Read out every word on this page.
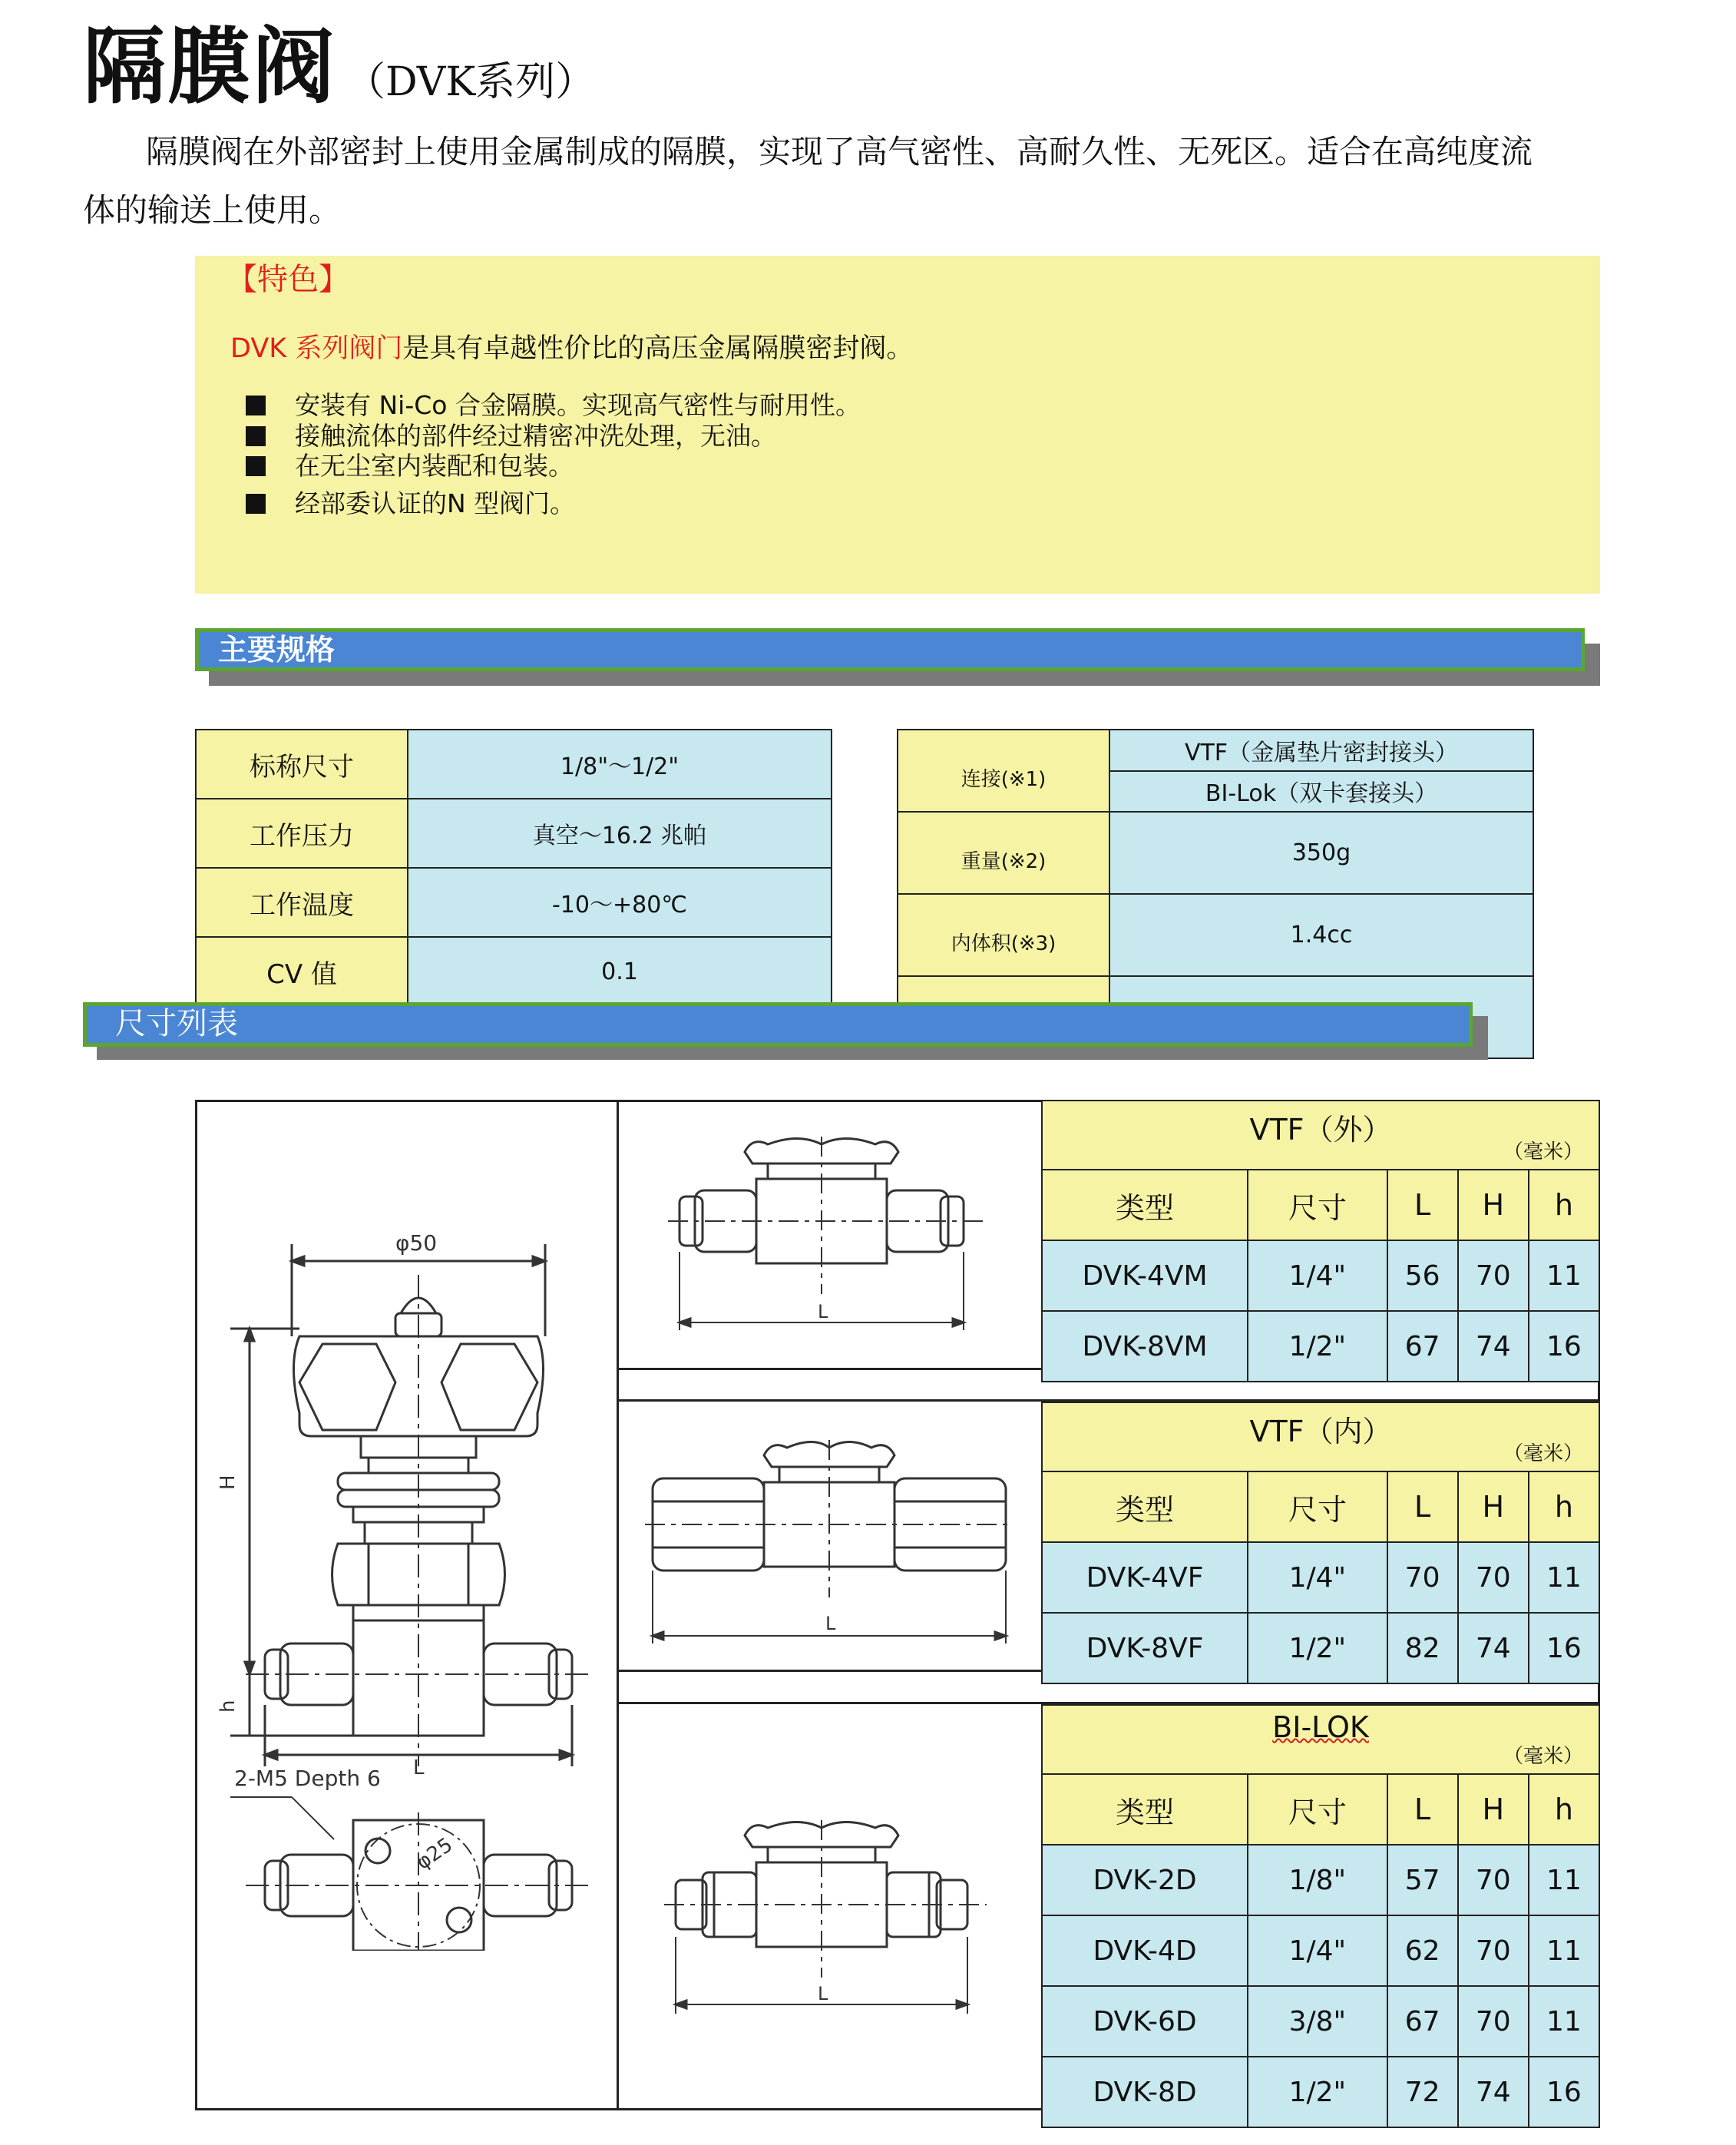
隔膜阀 （DVK系列）
隔膜阀在外部密封上使用金属制成的隔膜，实现了高气密性、高耐久性、无死区。适合在高纯度流
体的输送上使用。
【特色】
DVK 系列阀门是具有卓越性价比的高压金属隔膜密封阀。
安装有 Ni-Co 合金隔膜。实现高气密性与耐用性。
接触流体的部件经过精密冲洗处理，无油。
在无尘室内装配和包装。
经部委认证的N 型阀门。
主要规格
标称尺寸	1/8"～1/2"
工作压力	真空～16.2 兆帕
工作温度	-10～+80℃
CV 值	0.1
连接(※1)	VTF（金属垫片密封接头）
	BI-Lok（双卡套接头）
重量(※2)	350g
内体积(※3)	1.4cc

尺寸列表
φ50
H
h
L
2-M5 Depth 6
φ25
L
L
L
VTF（外）
（毫米）				

类型	尺寸	L	H	h
DVK-4VM	1/4"	56	70	11
DVK-8VM	1/2"	67	74	16
VTF（内）
（毫米）				

类型	尺寸	L	H	h
DVK-4VF	1/4"	70	70	11
DVK-8VF	1/2"	82	74	16
BI-LOK
（毫米）				

类型	尺寸	L	H	h
DVK-2D	1/8"	57	70	11
DVK-4D	1/4"	62	70	11
DVK-6D	3/8"	67	70	11
DVK-8D	1/2"	72	74	16
